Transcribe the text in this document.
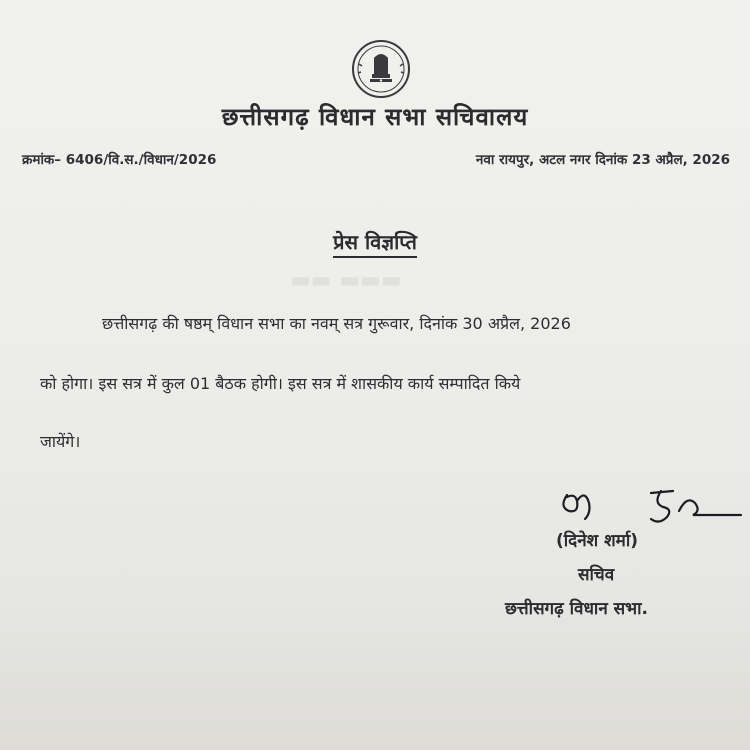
▬▬ ▬▬▬
छत्तीसगढ़ विधान सभा सचिवालय
क्रमांक– 6406/वि.स./विधान/2026	नवा रायपुर, अटल नगर दिनांक 23 अप्रैल, 2026
प्रेस विज्ञप्ति
छत्तीसगढ़ की षष्ठम् विधान सभा का नवम् सत्र गुरूवार, दिनांक 30 अप्रैल, 2026
को होगा। इस सत्र में कुल 01 बैठक होगी। इस सत्र में शासकीय कार्य सम्पादित किये
जायेंगे।
(दिनेश शर्मा)
सचिव
छत्तीसगढ़ विधान सभा.
